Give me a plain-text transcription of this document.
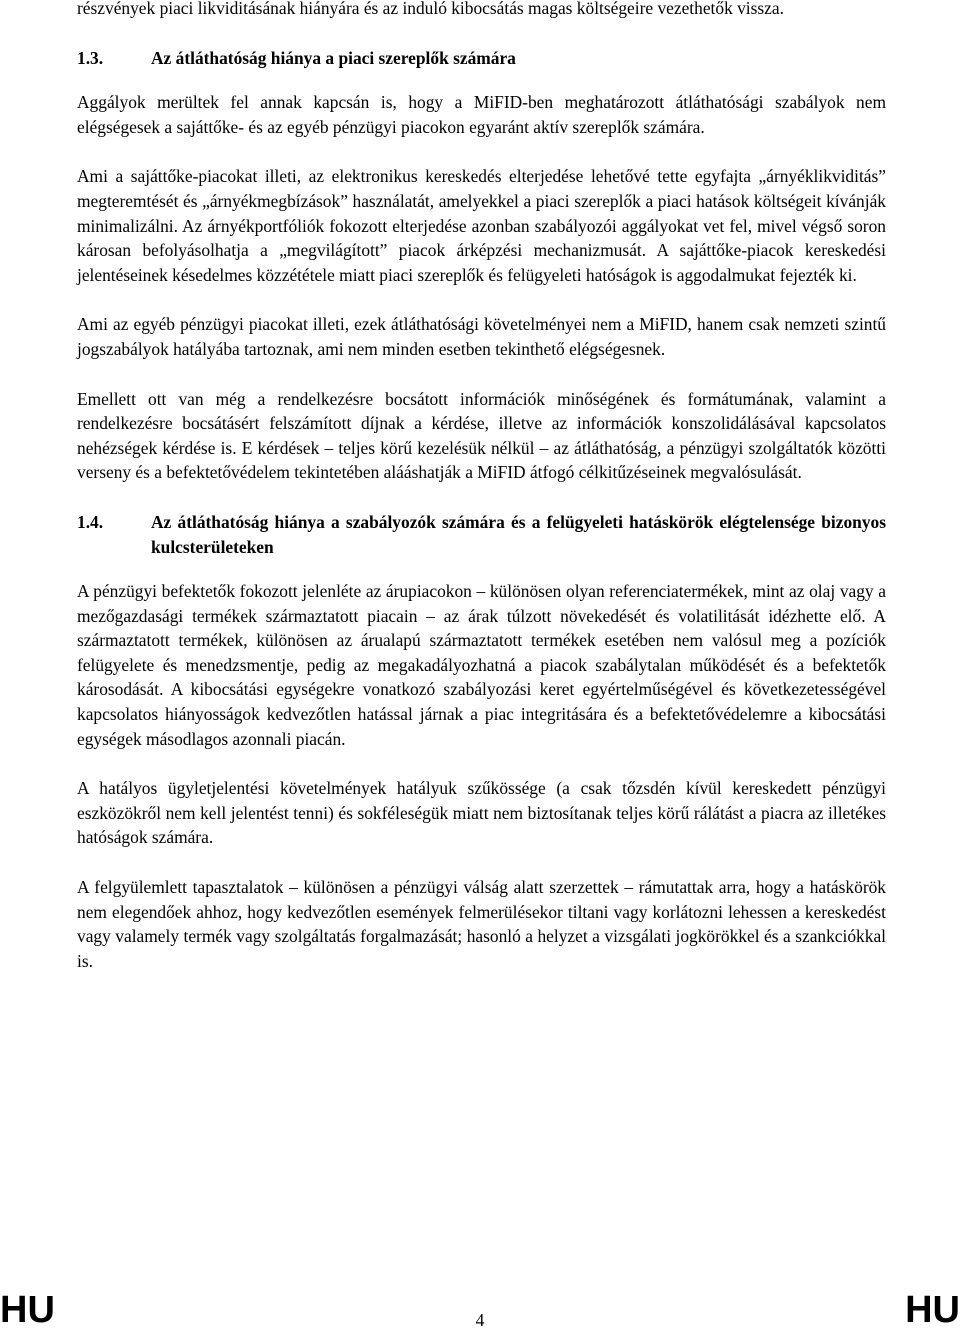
részvények piaci likviditásának hiányára és az induló kibocsátás magas költségeire vezethetők vissza.

1.3.	Az átláthatóság hiánya a piaci szereplők számára

Aggályok merültek fel annak kapcsán is, hogy a MiFID-ben meghatározott átláthatósági szabályok nem elégségesek a sajáttőke- és az egyéb pénzügyi piacokon egyaránt aktív szereplők számára.

Ami a sajáttőke-piacokat illeti, az elektronikus kereskedés elterjedése lehetővé tette egyfajta „árnyéklikviditás” megteremtését és „árnyékmegbízások” használatát, amelyekkel a piaci szereplők a piaci hatások költségeit kívánják minimalizálni. Az árnyékportfóliók fokozott elterjedése azonban szabályozói aggályokat vet fel, mivel végső soron károsan befolyásolhatja a „megvilágított” piacok árképzési mechanizmusát. A sajáttőke-piacok kereskedési jelentéseinek késedelmes közzététele miatt piaci szereplők és felügyeleti hatóságok is aggodalmukat fejezték ki.

Ami az egyéb pénzügyi piacokat illeti, ezek átláthatósági követelményei nem a MiFID, hanem csak nemzeti szintű jogszabályok hatályába tartoznak, ami nem minden esetben tekinthető elégségesnek.

Emellett ott van még a rendelkezésre bocsátott információk minőségének és formátumának, valamint a rendelkezésre bocsátásért felszámított díjnak a kérdése, illetve az információk konszolidálásával kapcsolatos nehézségek kérdése is. E kérdések – teljes körű kezelésük nélkül – az átláthatóság, a pénzügyi szolgáltatók közötti verseny és a befektetővédelem tekintetében alááshatják a MiFID átfogó célkitűzéseinek megvalósulását.

1.4.	Az átláthatóság hiánya a szabályozók számára és a felügyeleti hatáskörök elégtelensége bizonyos kulcsterületeken

A pénzügyi befektetők fokozott jelenléte az árupiacokon – különösen olyan referenciatermékek, mint az olaj vagy a mezőgazdasági termékek származtatott piacain – az árak túlzott növekedését és volatilitását idézhette elő. A származtatott termékek, különösen az árualapú származtatott termékek esetében nem valósul meg a pozíciók felügyelete és menedzsmentje, pedig az megakadályozhatná a piacok szabálytalan működését és a befektetők károsodását. A kibocsátási egységekre vonatkozó szabályozási keret egyértelműségével és következetességével kapcsolatos hiányosságok kedvezőtlen hatással járnak a piac integritására és a befektetővédelemre a kibocsátási egységek másodlagos azonnali piacán.

A hatályos ügyletjelentési követelmények hatályuk szűkössége (a csak tőzsdén kívül kereskedett pénzügyi eszközökről nem kell jelentést tenni) és sokféleségük miatt nem biztosítanak teljes körű rálátást a piacra az illetékes hatóságok számára.

A felgyülemlett tapasztalatok – különösen a pénzügyi válság alatt szerzettek – rámutattak arra, hogy a hatáskörök nem elegendőek ahhoz, hogy kedvezőtlen események felmerülésekor tiltani vagy korlátozni lehessen a kereskedést vagy valamely termék vagy szolgáltatás forgalmazását; hasonló a helyzet a vizsgálati jogkörökkel és a szankciókkal is.

HU	4	HU
